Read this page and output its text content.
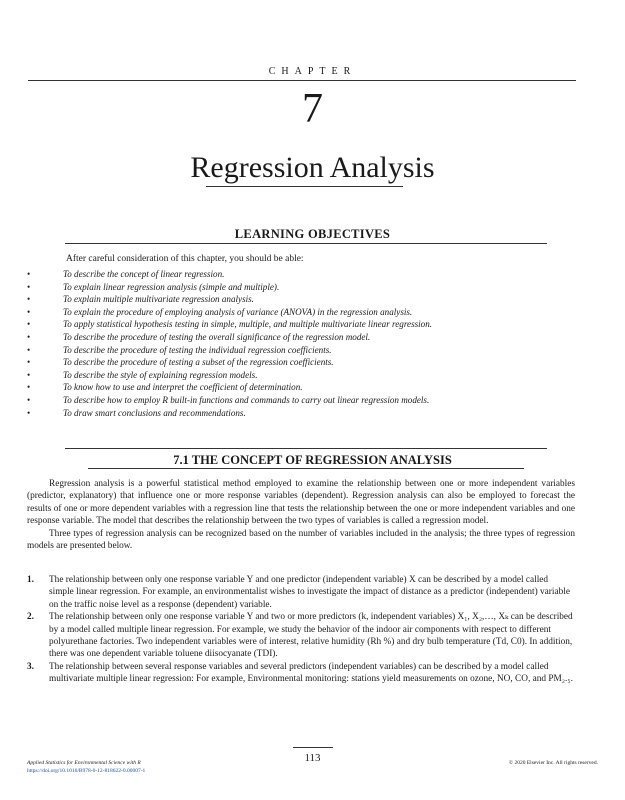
CHAPTER
7
Regression Analysis
LEARNING OBJECTIVES
After careful consideration of this chapter, you should be able:
•	To describe the concept of linear regression.
•	To explain linear regression analysis (simple and multiple).
•	To explain multiple multivariate regression analysis.
•	To explain the procedure of employing analysis of variance (ANOVA) in the regression analysis.
•	To apply statistical hypothesis testing in simple, multiple, and multiple multivariate linear regression.
•	To describe the procedure of testing the overall significance of the regression model.
•	To describe the procedure of testing the individual regression coefficients.
•	To describe the procedure of testing a subset of the regression coefficients.
•	To describe the style of explaining regression models.
•	To know how to use and interpret the coefficient of determination.
•	To describe how to employ R built-in functions and commands to carry out linear regression models.
•	To draw smart conclusions and recommendations.
7.1 THE CONCEPT OF REGRESSION ANALYSIS

Regression analysis is a powerful statistical method employed to examine the relationship between one or more independent variables (predictor, explanatory) that influence one or more response variables (dependent). Regression analysis can also be employed to forecast the results of one or more dependent variables with a regression line that tests the relationship between the one or more independent variables and one response variable. The model that describes the relationship between the two types of variables is called a regression model.

Three types of regression analysis can be recognized based on the number of variables included in the analysis; the three types of regression models are presented below.

1. The relationship between only one response variable Y and one predictor (independent variable) X can be described by a model called simple linear regression. For example, an environmentalist wishes to investigate the impact of distance as a predictor (independent) variable on the traffic noise level as a response (dependent) variable.
2. The relationship between only one response variable Y and two or more predictors (k, independent variables) X₁, X₂,…, Xₖ can be described by a model called multiple linear regression. For example, we study the behavior of the indoor air components with respect to different polyurethane factories. Two independent variables were of interest, relative humidity (Rh %) and dry bulb temperature (Td, C0). In addition, there was one dependent variable toluene diisocyanate (TDI).
3. The relationship between several response variables and several predictors (independent variables) can be described by a model called multivariate multiple linear regression: For example, Environmental monitoring: stations yield measurements on ozone, NO, CO, and PM₂.₅.
113
Applied Statistics for Environmental Science with R
https://doi.org/10.1016/B978-0-12-818622-0.00007-1
© 2020 Elsevier Inc. All rights reserved.
